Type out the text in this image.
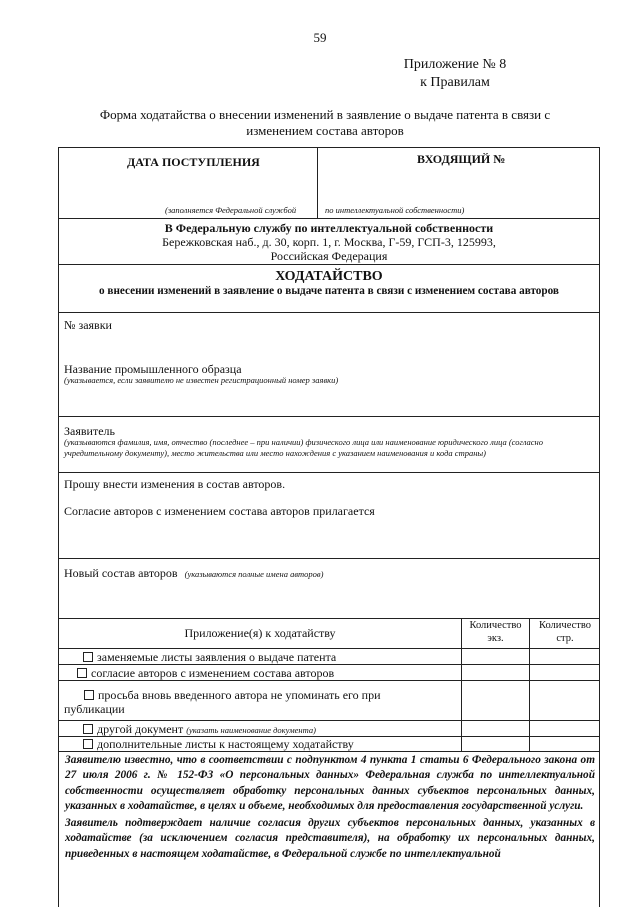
59
Приложение № 8
к Правилам
Форма ходатайства о внесении изменений в заявление о выдаче патента в связи с изменением состава авторов
ДАТА ПОСТУПЛЕНИЯ	ВХОДЯЩИЙ №
(заполняется Федеральной службой	по интеллектуальной собственности)
В Федеральную службу по интеллектуальной собственности
Бережковская наб., д. 30, корп. 1, г. Москва, Г-59, ГСП-3, 125993,
Российская Федерация
ХОДАТАЙСТВО
о внесении изменений в заявление о выдаче патента в связи с изменением состава авторов
№ заявки
Название промышленного образца
(указывается, если заявителю не известен регистрационный номер заявки)
Заявитель
(указываются фамилия, имя, отчество (последнее – при наличии) физического лица или наименование юридического лица (согласно учредительному документу), место жительства или место нахождения с указанием наименования и кода страны)
Прошу внести изменения в состав авторов.
Согласие авторов с изменением состава авторов прилагается
Новый состав авторов (указываются полные имена авторов)
Приложение(я) к ходатайству
Количество экз.
Количество стр.
заменяемые листы заявления о выдаче патента
согласие авторов с изменением состава авторов
просьба вновь введенного автора не упоминать его при публикации
другой документ (указать наименование документа)
дополнительные листы к настоящему ходатайству
Заявителю известно, что в соответствии с подпунктом 4 пункта 1 статьи 6 Федерального закона от 27 июля 2006 г. № 152-ФЗ «О персональных данных» Федеральная служба по интеллектуальной собственности осуществляет обработку персональных данных субъектов персональных данных, указанных в ходатайстве, в целях и объеме, необходимых для предоставления государственной услуги.
Заявитель подтверждает наличие согласия других субъектов персональных данных, указанных в ходатайстве (за исключением согласия представителя), на обработку их персональных данных, приведенных в настоящем ходатайстве, в Федеральной службе по интеллектуальной
